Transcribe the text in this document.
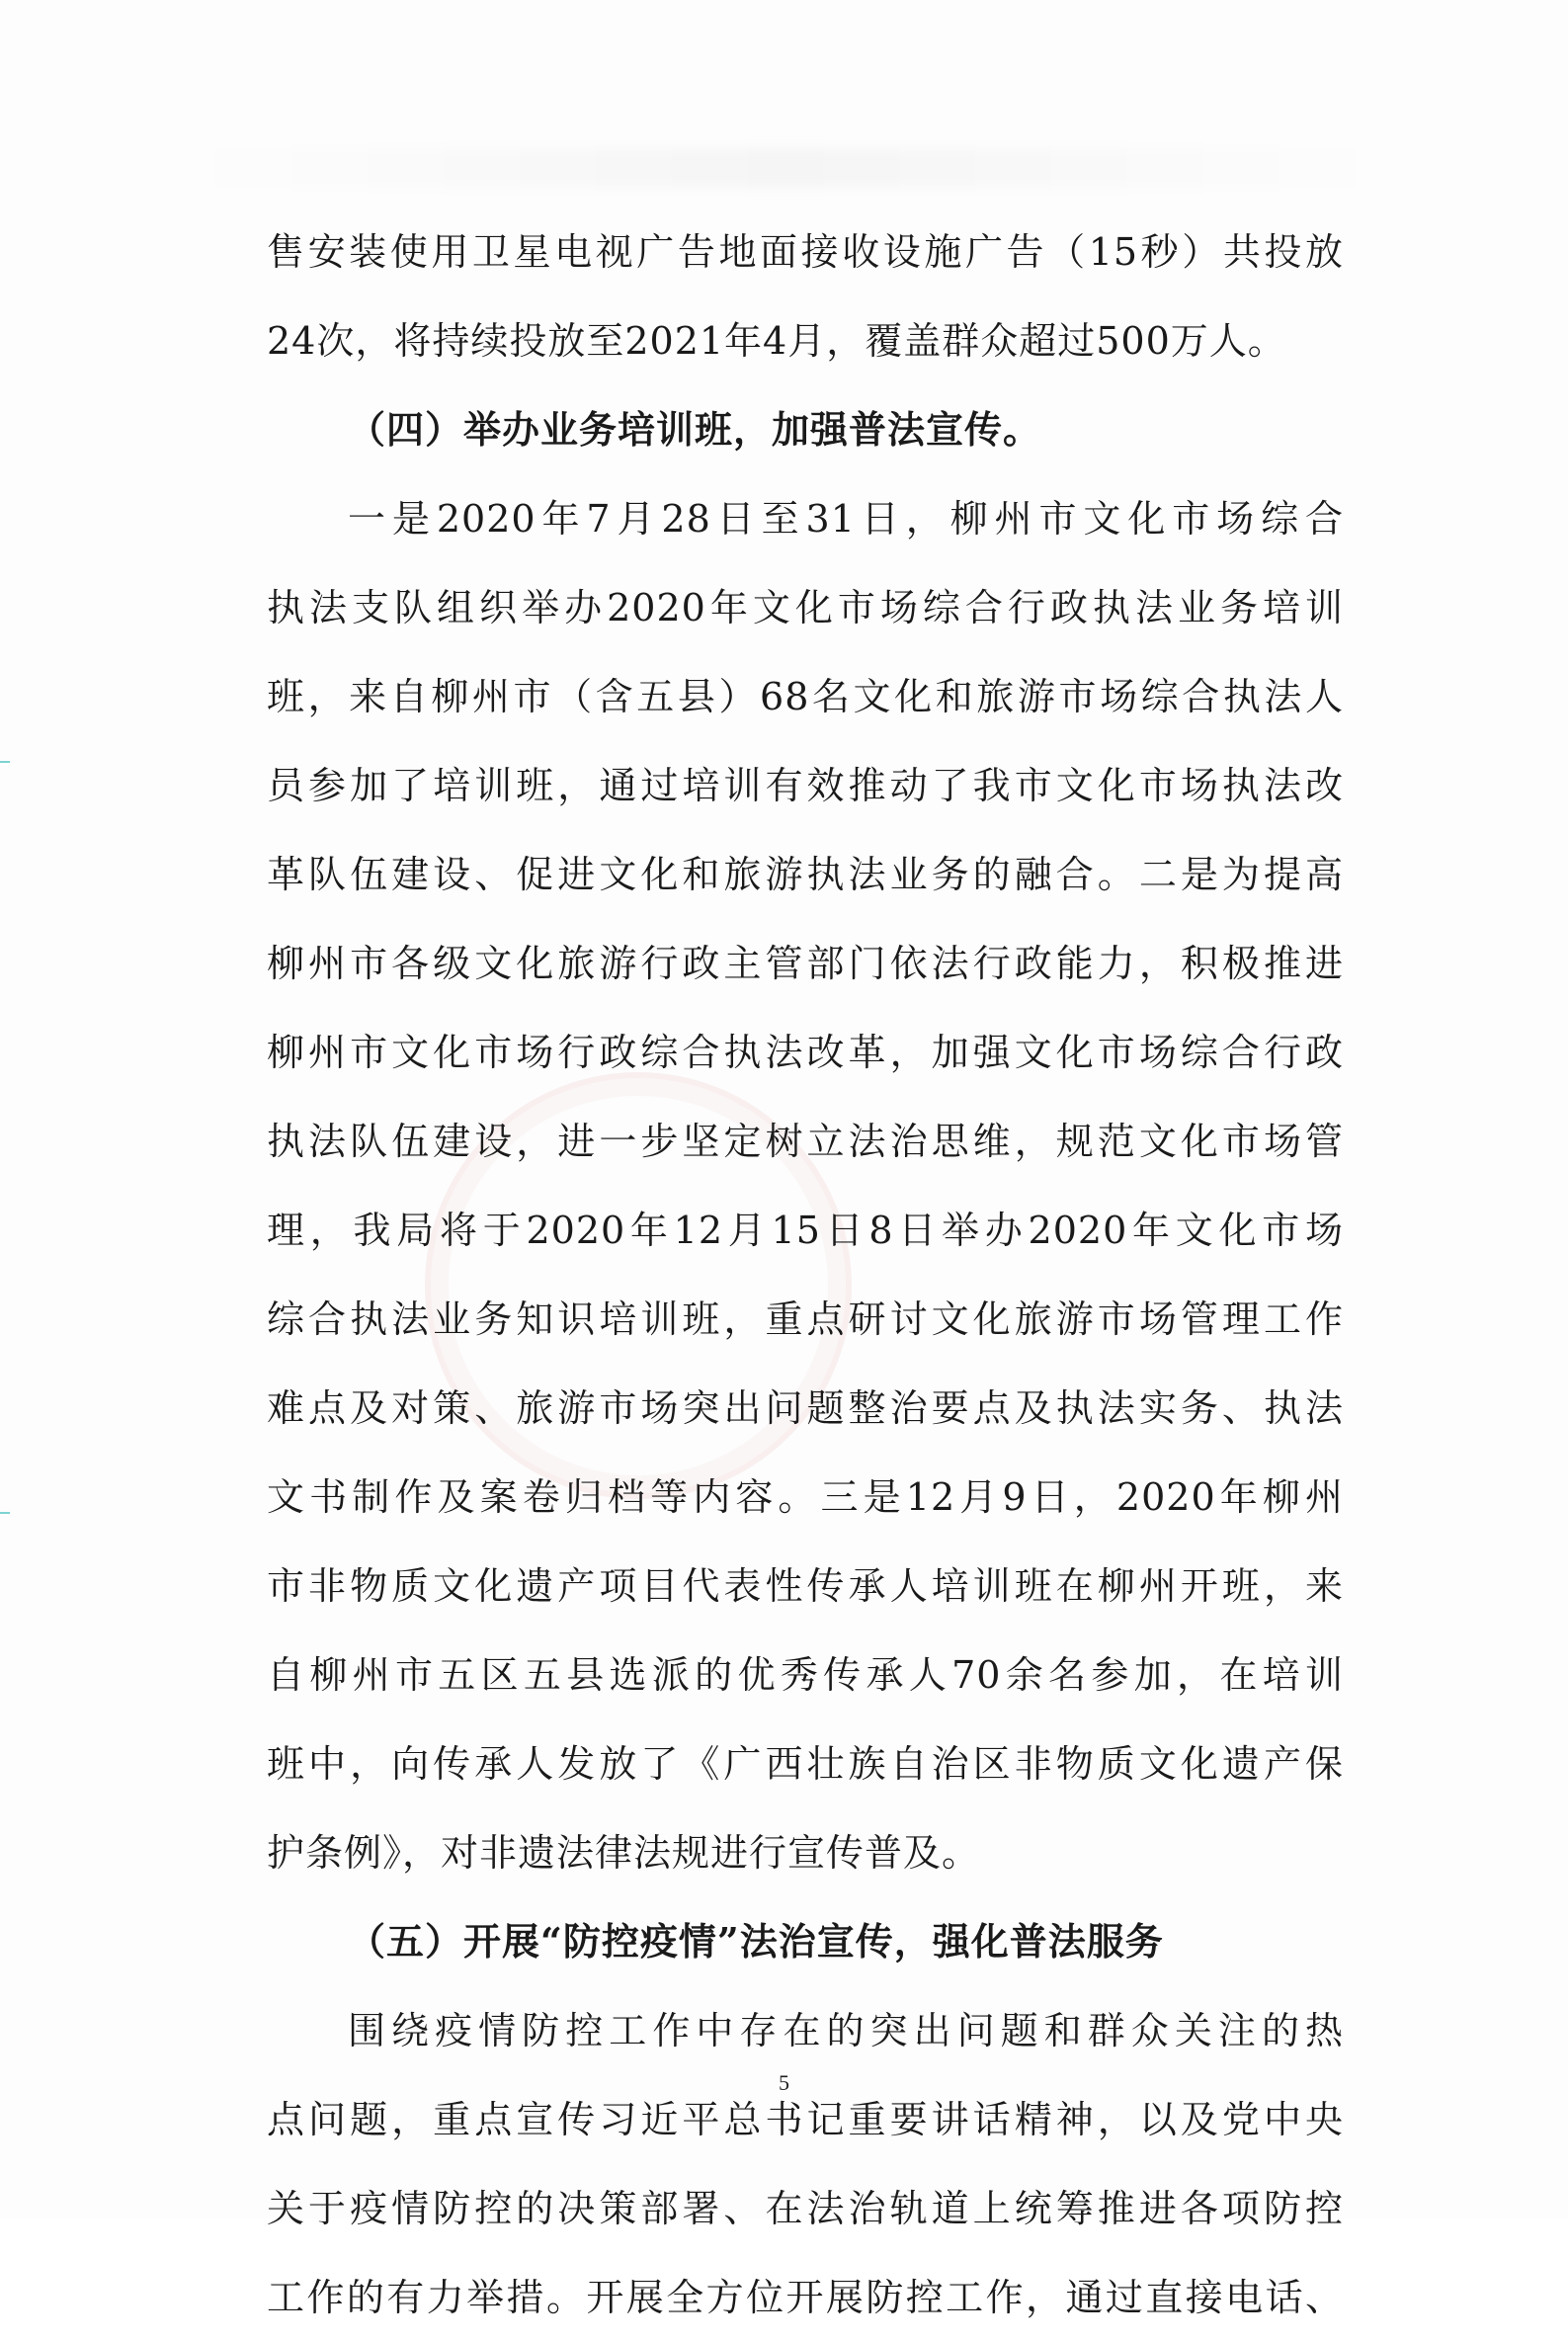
售安装使用卫星电视广告地面接收设施广告（15秒）共投放
24次，将持续投放至2021年4月，覆盖群众超过500万人。
（四）举办业务培训班，加强普法宣传。
一是2020年7月28日至31日，柳州市文化市场综合
执法支队组织举办2020年文化市场综合行政执法业务培训
班，来自柳州市（含五县）68名文化和旅游市场综合执法人
员参加了培训班，通过培训有效推动了我市文化市场执法改
革队伍建设、促进文化和旅游执法业务的融合。二是为提高
柳州市各级文化旅游行政主管部门依法行政能力，积极推进
柳州市文化市场行政综合执法改革，加强文化市场综合行政
执法队伍建设，进一步坚定树立法治思维，规范文化市场管
理，我局将于2020年12月15日8日举办2020年文化市场
综合执法业务知识培训班，重点研讨文化旅游市场管理工作
难点及对策、旅游市场突出问题整治要点及执法实务、执法
文书制作及案卷归档等内容。三是12月9日，2020年柳州
市非物质文化遗产项目代表性传承人培训班在柳州开班，来
自柳州市五区五县选派的优秀传承人70余名参加，在培训
班中，向传承人发放了《广西壮族自治区非物质文化遗产保
护条例》，对非遗法律法规进行宣传普及。
（五）开展“防控疫情”法治宣传，强化普法服务
围绕疫情防控工作中存在的突出问题和群众关注的热
点问题，重点宣传习近平总书记重要讲话精神，以及党中央
关于疫情防控的决策部署、在法治轨道上统筹推进各项防控
工作的有力举措。开展全方位开展防控工作，通过直接电话、
5
